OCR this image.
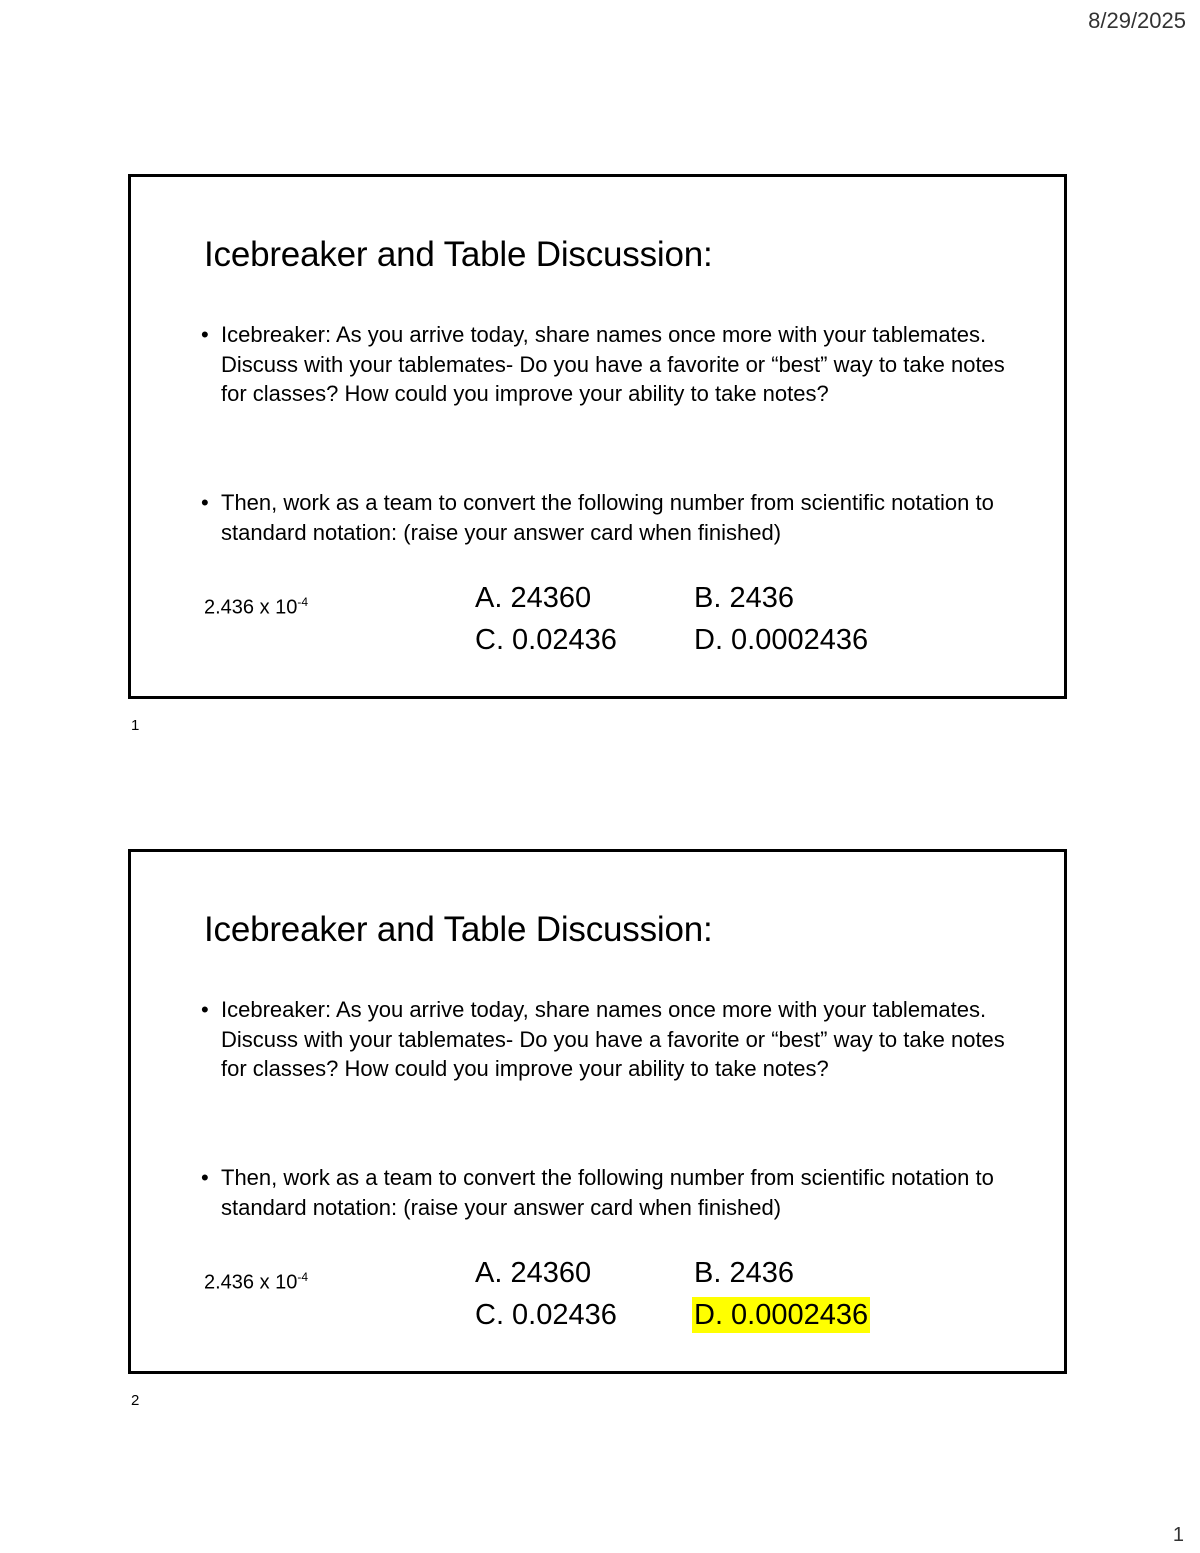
8/29/2025
Icebreaker and Table Discussion:
• Icebreaker: As you arrive today, share names once more with your tablemates. Discuss with your tablemates- Do you have a favorite or “best” way to take notes for classes? How could you improve your ability to take notes?
• Then, work as a team to convert the following number from scientific notation to standard notation: (raise your answer card when finished)
2.436 x $10^{-4}$	A. 24360	B. 2436
C. 0.02436	D. 0.0002436
1
Icebreaker and Table Discussion:
• Icebreaker: As you arrive today, share names once more with your tablemates. Discuss with your tablemates- Do you have a favorite or “best” way to take notes for classes? How could you improve your ability to take notes?
• Then, work as a team to convert the following number from scientific notation to standard notation: (raise your answer card when finished)
2.436 x $10^{-4}$	A. 24360	B. 2436
C. 0.02436	D. 0.0002436
2
1
